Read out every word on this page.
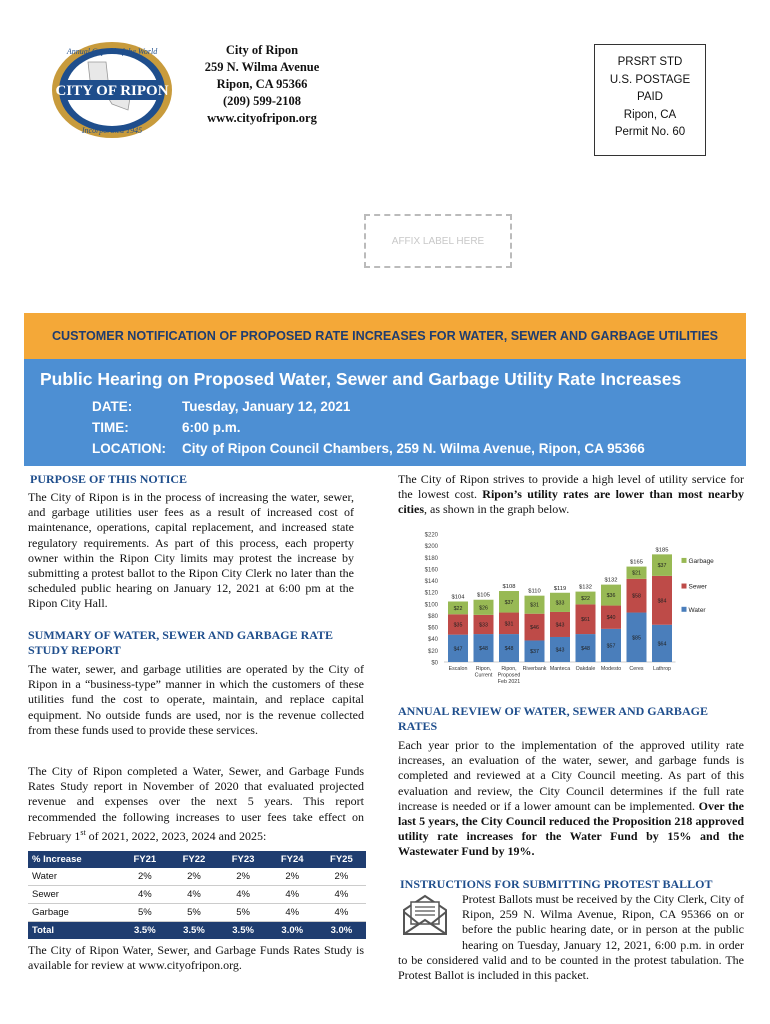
CITY OF RIPON
Annual Capital of the World
Incorporated 1945
City of Ripon
259 N. Wilma Avenue
Ripon, CA 95366
(209) 599-2108
www.cityofripon.org
PRSRT STD
U.S. POSTAGE
PAID
Ripon, CA
Permit No. 60
AFFIX LABEL HERE
CUSTOMER NOTIFICATION OF PROPOSED RATE INCREASES FOR WATER, SEWER AND GARBAGE UTILITIES
Public Hearing on Proposed Water, Sewer and Garbage Utility Rate Increases
DATE:	Tuesday, January 12, 2021
TIME:	6:00 p.m.
LOCATION: City of Ripon Council Chambers, 259 N. Wilma Avenue, Ripon, CA 95366
PURPOSE OF THIS NOTICE
The City of Ripon is in the process of increasing the water, sewer, and garbage utilities user fees as a result of increased cost of maintenance, operations, capital replacement, and increased state regulatory requirements. As part of this process, each property owner within the Ripon City limits may protest the increase by submitting a protest ballot to the Ripon City Clerk no later than the scheduled public hearing on January 12, 2021 at 6:00 pm at the Ripon City Hall.
SUMMARY OF WATER, SEWER AND GARBAGE RATE STUDY REPORT
The water, sewer, and garbage utilities are operated by the City of Ripon in a “business-type” manner in which the customers of these utilities fund the cost to operate, maintain, and replace capital equipment. No outside funds are used, nor is the revenue collected from these funds used to provide these services.
The City of Ripon completed a Water, Sewer, and Garbage Funds Rates Study report in November of 2020 that evaluated projected revenue and expenses over the next 5 years. This report recommended the following increases to user fees take effect on February 1st of 2021, 2022, 2023, 2024 and 2025:
% Increase	FY21	FY22	FY23	FY24	FY25
Water	2%	2%	2%	2%	2%
Sewer	4%	4%	4%	4%	4%
Garbage	5%	5%	5%	4%	4%
Total	3.5%	3.5%	3.5%	3.0%	3.0%
The City of Ripon Water, Sewer, and Garbage Funds Rates Study is available for review at www.cityofripon.org.
The City of Ripon strives to provide a high level of utility service for the lowest cost. Ripon’s utility rates are lower than most nearby cities, as shown in the graph below.
$0
$20
$40
$60
$80
$100
$120
$140
$160
$180
$200
$220
$47
$35
$22
$104
Escalon
$48
$33
$26
$105
Ripon, Current
$48
$31
$37
$108
Ripon, Proposed Feb 2021
$37
$46
$31
$110
Riverbank
$43
$43
$33
$119
Manteca
$48
$61
$22
$132
Oakdale
$57
$40
$36
$132
Modesto
$85
$58
$21
$165
Ceres
$64
$84
$37
$185
Lathrop
Garbage
Sewer
Water
ANNUAL REVIEW OF WATER, SEWER AND GARBAGE RATES
Each year prior to the implementation of the approved utility rate increases, an evaluation of the water, sewer, and garbage funds is completed and reviewed at a City Council meeting. As part of this evaluation and review, the City Council determines if the full rate increase is needed or if a lower amount can be implemented. Over the last 5 years, the City Council reduced the Proposition 218 approved utility rate increases for the Water Fund by 15% and the Wastewater Fund by 19%.
INSTRUCTIONS FOR SUBMITTING PROTEST BALLOT
Protest Ballots must be received by the City Clerk, City of Ripon, 259 N. Wilma Avenue, Ripon, CA 95366 on or before the public hearing date, or in person at the public hearing on Tuesday, January 12, 2021, 6:00 p.m. in order to be considered valid and to be counted in the protest tabulation. The Protest Ballot is included in this packet.
